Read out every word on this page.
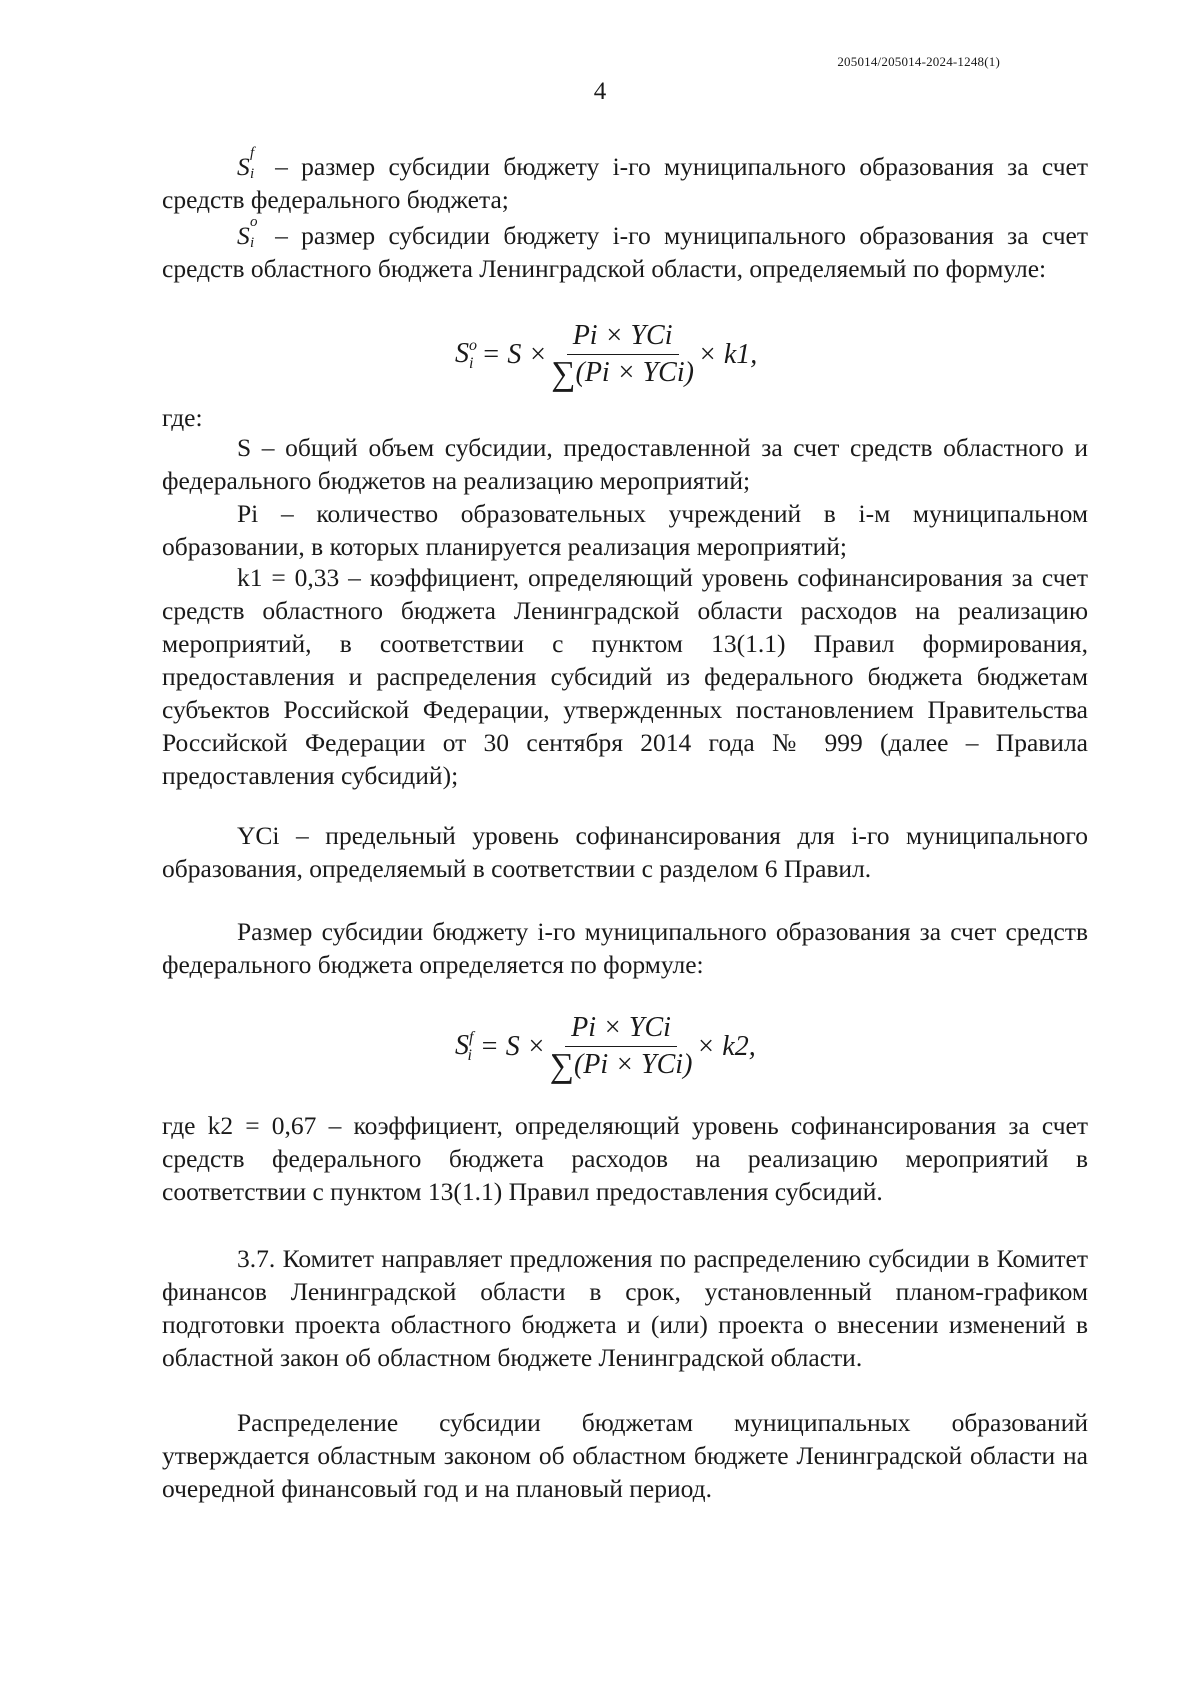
205014/205014-2024-1248(1)
4
S f
i – размер субсидии бюджету i-го муниципального образования за счет средств федерального бюджета;
S o
i – размер субсидии бюджету i-го муниципального образования за счет средств областного бюджета Ленинградской области, определяемый по формуле:
$S^o_i = S \times \frac{\text{Pi × YCi}}{\text{∑(Pi × YCi)}} \times k1$,
где:
S – общий объем субсидии, предоставленной за счет средств областного и федерального бюджетов на реализацию мероприятий;
Pi – количество образовательных учреждений в i-м муниципальном образовании, в которых планируется реализация мероприятий;
k1 = 0,33 – коэффициент, определяющий уровень софинансирования за счет средств областного бюджета Ленинградской области расходов на реализацию мероприятий, в соответствии с пунктом 13(1.1) Правил формирования, предоставления и распределения субсидий из федерального бюджета бюджетам субъектов Российской Федерации, утвержденных постановлением Правительства Российской Федерации от 30 сентября 2014 года № 999 (далее – Правила предоставления субсидий);
YCi – предельный уровень софинансирования для i-го муниципального образования, определяемый в соответствии с разделом 6 Правил.
Размер субсидии бюджету i-го муниципального образования за счет средств федерального бюджета определяется по формуле:
$S^f_i = S \times \frac{\text{Pi × YCi}}{\text{∑(Pi × YCi)}} \times k2$,
где k2 = 0,67 – коэффициент, определяющий уровень софинансирования за счет средств федерального бюджета расходов на реализацию мероприятий в соответствии с пунктом 13(1.1) Правил предоставления субсидий.
3.7. Комитет направляет предложения по распределению субсидии в Комитет финансов Ленинградской области в срок, установленный планом-графиком подготовки проекта областного бюджета и (или) проекта о внесении изменений в областной закон об областном бюджете Ленинградской области.
Распределение субсидии бюджетам муниципальных образований утверждается областным законом об областном бюджете Ленинградской области на очередной финансовый год и на плановый период.
